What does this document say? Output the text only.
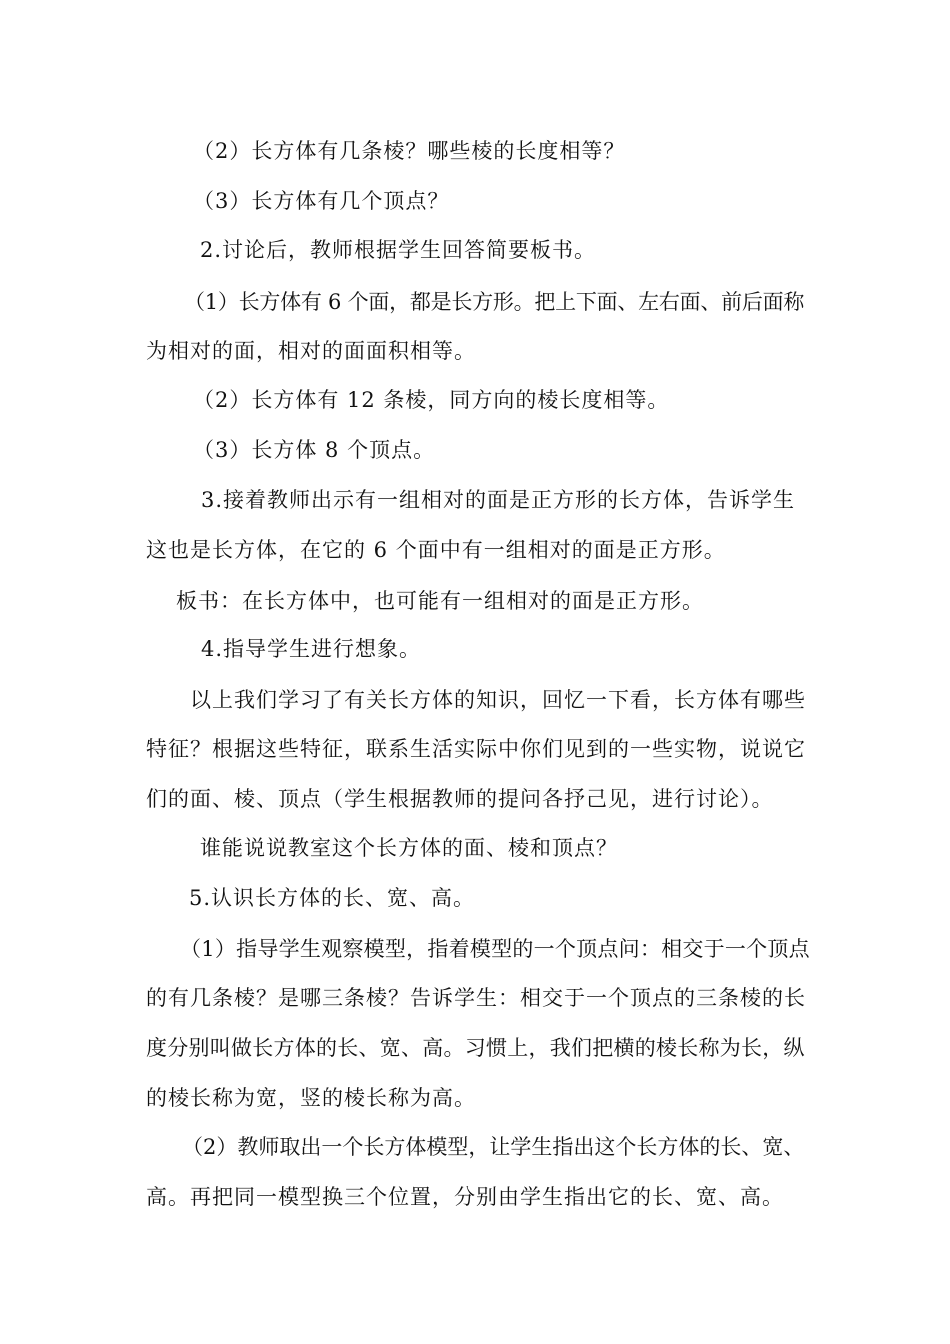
（2）长方体有几条棱？哪些棱的长度相等？
（3）长方体有几个顶点？
2.讨论后，教师根据学生回答简要板书。
（1）长方体有 6 个面，都是长方形。把上下面、左右面、前后面称
为相对的面，相对的面面积相等。
（2）长方体有 12 条棱，同方向的棱长度相等。
（3）长方体 8 个顶点。
3.接着教师出示有一组相对的面是正方形的长方体，告诉学生
这也是长方体，在它的 6 个面中有一组相对的面是正方形。
板书：在长方体中，也可能有一组相对的面是正方形。
4.指导学生进行想象。
以上我们学习了有关长方体的知识，回忆一下看，长方体有哪些
特征？根据这些特征，联系生活实际中你们见到的一些实物，说说它
们的面、棱、顶点（学生根据教师的提问各抒己见，进行讨论）。
谁能说说教室这个长方体的面、棱和顶点？
5.认识长方体的长、宽、高。
（1）指导学生观察模型，指着模型的一个顶点问：相交于一个顶点
的有几条棱？是哪三条棱？告诉学生：相交于一个顶点的三条棱的长
度分别叫做长方体的长、宽、高。习惯上，我们把横的棱长称为长，纵
的棱长称为宽，竖的棱长称为高。
（2）教师取出一个长方体模型，让学生指出这个长方体的长、宽、
高。再把同一模型换三个位置，分别由学生指出它的长、宽、高。
